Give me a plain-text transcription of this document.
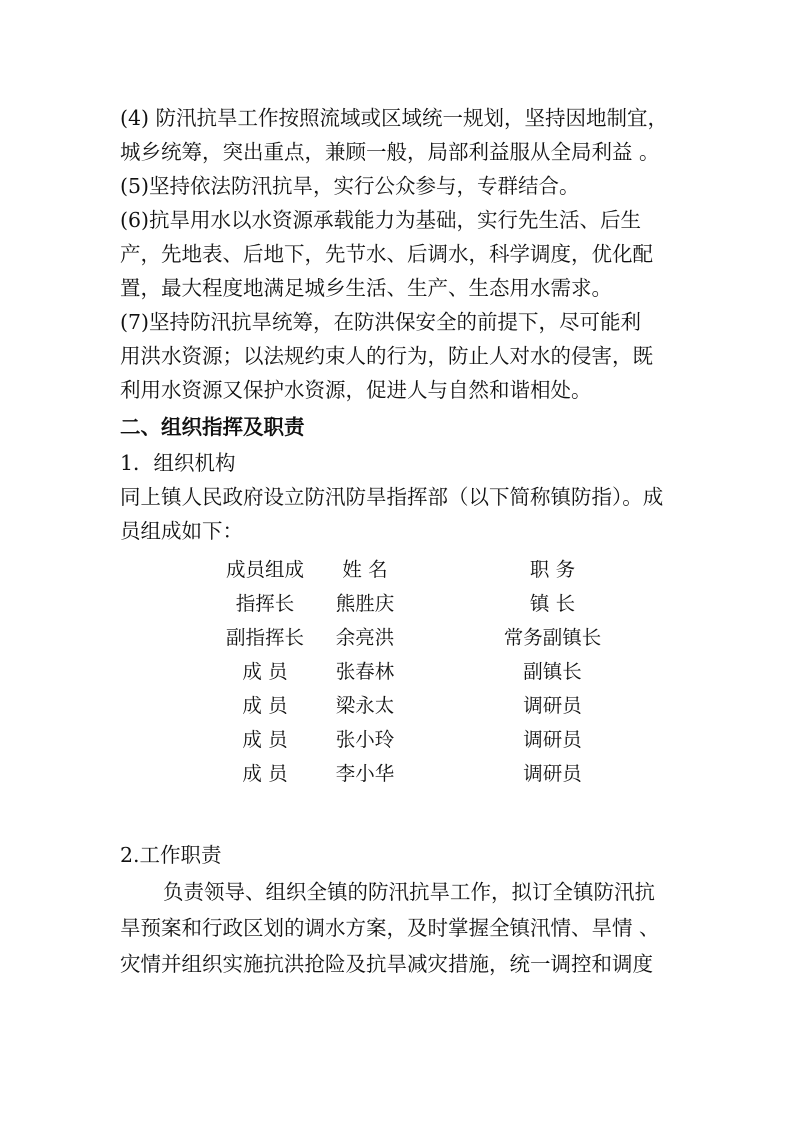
(4) 防汛抗旱工作按照流域或区域统一规划，坚持因地制宜，

城乡统筹，突出重点，兼顾一般，局部利益服从全局利益 。

(5)坚持依法防汛抗旱，实行公众参与，专群结合。

(6)抗旱用水以水资源承载能力为基础，实行先生活、后生

产，先地表、后地下，先节水、后调水，科学调度，优化配

置，最大程度地满足城乡生活、生产、生态用水需求。

(7)坚持防汛抗旱统筹，在防洪保安全的前提下，尽可能利

用洪水资源；以法规约束人的行为，防止人对水的侵害，既

利用水资源又保护水资源，促进人与自然和谐相处。

二、组织指挥及职责

1．组织机构

同上镇人民政府设立防汛防旱指挥部（以下简称镇防指）。成

员组成如下：

成员组成	姓 名	职 务
指挥长	熊胜庆	镇 长
副指挥长	余亮洪	常务副镇长
成 员	张春林	副镇长
成 员	梁永太	调研员
成 员	张小玲	调研员
成 员	李小华	调研员

2.工作职责

负责领导、组织全镇的防汛抗旱工作，拟订全镇防汛抗

旱预案和行政区划的调水方案，及时掌握全镇汛情、旱情 、

灾情并组织实施抗洪抢险及抗旱减灾措施，统一调控和调度
